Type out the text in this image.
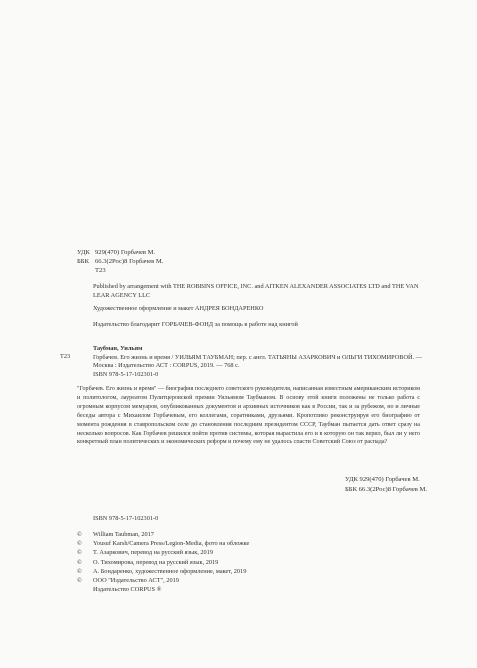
УДК 929(470) Горбачев М.
ББК 66.3(2Рос)8 Горбачев М.
Т23
Published by arrangement with THE ROBBINS OFFICE, INC. and AITKEN ALEXANDER ASSOCIATES LTD and THE VAN LEAR AGENCY LLC
Художественное оформление и макет АНДРЕЯ БОНДАРЕНКО
Издательство благодарит ГОРБАЧЕВ-ФОНД за помощь в работе над книгой
Т23
Таубман, Уильям
Горбачев. Его жизнь и время / УИЛЬЯМ ТАУБМАН; пер. с англ. ТАТЬЯНЫ АЗАРКОВИЧ и ОЛЬГИ ТИХОМИРОВОЙ. — Москва : Издательство АСТ : CORPUS, 2019. — 768 с.
ISBN 978-5-17-102301-0
"Горбачев. Его жизнь и время" — биография последнего советского руководителя, написанная известным американским историком и политологом, лауреатом Пулитцеровской премии Уильямом Таубманом. В основу этой книги положены не только работа с огромным корпусом мемуаров, опубликованных документов и архивных источников как в России, так и за рубежом, но и личные беседы автора с Михаилом Горбачевым, его коллегами, соратниками, друзьями. Кропотливо реконструируя его биографию от момента рождения в ставропольском селе до становления последним президентом СССР, Таубман пытается дать ответ сразу на несколько вопросов. Как Горбачев решился пойти против системы, которая вырастила его и в которую он так верил, был ли у него конкретный план политических и экономических реформ и почему ему не удалось спасти Советский Союз от распада?
УДК 929(470) Горбачев М.
ББК 66.3(2Рос)8 Горбачев М.
ISBN 978-5-17-102301-0
©	William Taubman, 2017
©	Yousuf Karsh/Camera Press/Legion-Media, фото на обложке
©	Т. Азаркович, перевод на русский язык, 2019
©	О. Тихомирова, перевод на русский язык, 2019
©	А. Бондаренко, художественное оформление, макет, 2019
©	ООО "Издательство АСТ", 2019
Издательство CORPUS ®
